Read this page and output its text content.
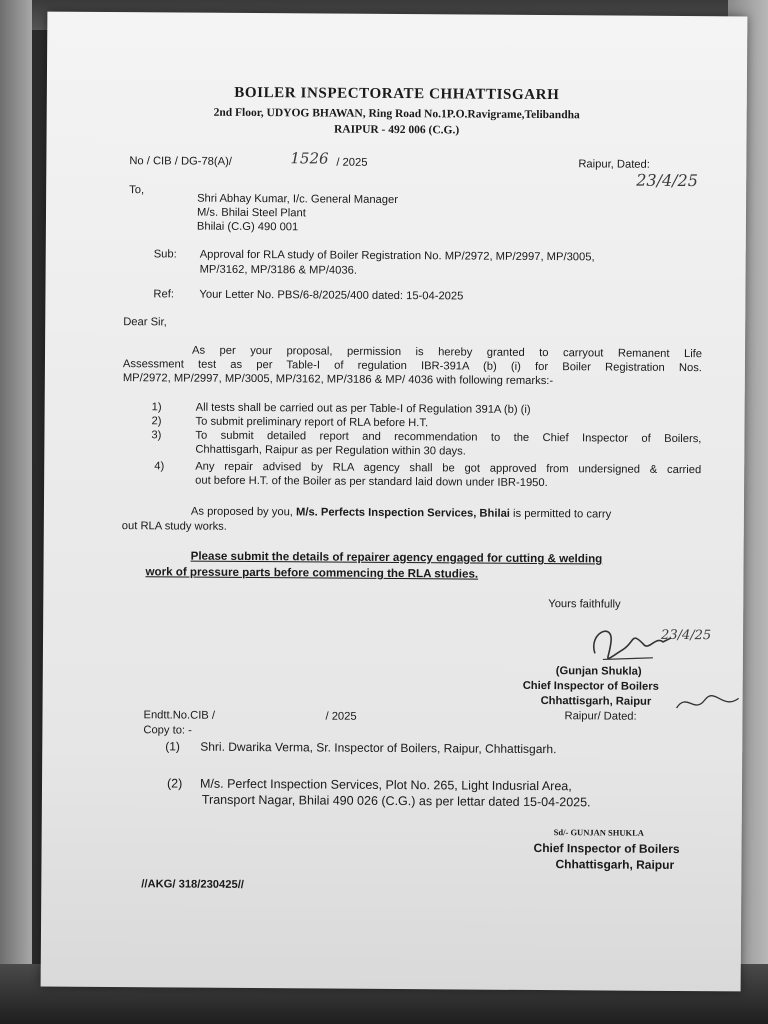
BOILER INSPECTORATE CHHATTISGARH
2nd Floor, UDYOG BHAWAN, Ring Road No.1P.O.Ravigrame,Telibandha
RAIPUR - 492 006 (C.G.)
No / CIB / DG-78(A)/	1526 / 2025	Raipur, Dated:
23/4/25
To,
Shri Abhay Kumar, I/c. General Manager
M/s. Bhilai Steel Plant
Bhilai (C.G) 490 001
Sub: Approval for RLA study of Boiler Registration No. MP/2972, MP/2997, MP/3005,
MP/3162, MP/3186 & MP/4036.
Ref: Your Letter No. PBS/6-8/2025/400 dated: 15-04-2025
Dear Sir,
As per your proposal, permission is hereby granted to carryout Remanent Life
Assessment test as per Table-I of regulation IBR-391A (b) (i) for Boiler Registration Nos.
MP/2972, MP/2997, MP/3005, MP/3162, MP/3186 & MP/ 4036 with following remarks:-
1)	All tests shall be carried out as per Table-I of Regulation 391A (b) (i)
2)	To submit preliminary report of RLA before H.T.
3)	To submit detailed report and recommendation to the Chief Inspector of Boilers,
Chhattisgarh, Raipur as per Regulation within 30 days.
4)	Any repair advised by RLA agency shall be got approved from undersigned & carried
out before H.T. of the Boiler as per standard laid down under IBR-1950.
As proposed by you, M/s. Perfects Inspection Services, Bhilai is permitted to carry
out RLA study works.
Please submit the details of repairer agency engaged for cutting & welding
work of pressure parts before commencing the RLA studies.
Yours faithfully
23/4/25
(Gunjan Shukla)
Chief Inspector of Boilers
Chhattisgarh, Raipur
Raipur/ Dated:
Endtt.No.CIB /	/ 2025
Copy to: -
(1) Shri. Dwarika Verma, Sr. Inspector of Boilers, Raipur, Chhattisgarh.
(2) M/s. Perfect Inspection Services, Plot No. 265, Light Indusrial Area,
Transport Nagar, Bhilai 490 026 (C.G.) as per lettar dated 15-04-2025.
Sd/- GUNJAN SHUKLA
Chief Inspector of Boilers
Chhattisgarh, Raipur
//AKG/ 318/230425//
